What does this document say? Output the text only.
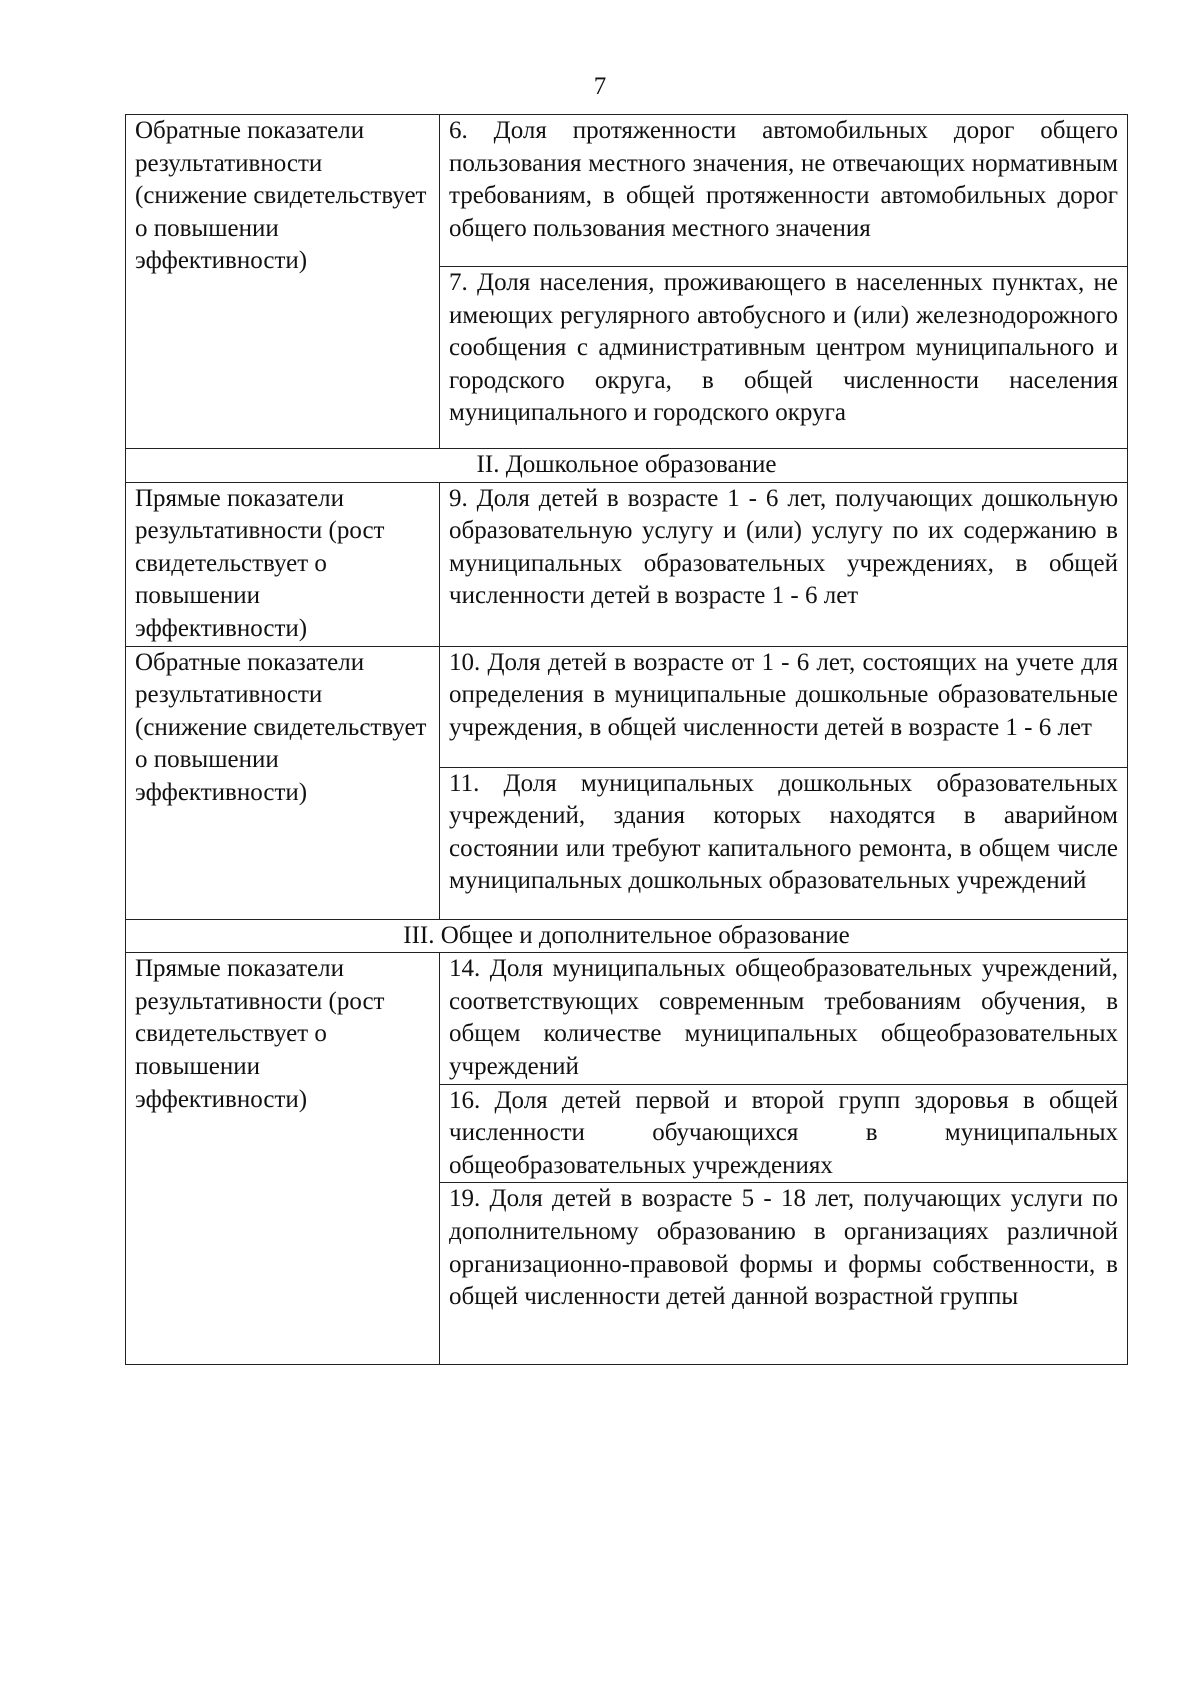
7
Обратные показатели результативности (снижение свидетельствует о повышении эффективности)	6. Доля протяженности автомобильных дорог общего пользования местного значения, не отвечающих нормативным требованиям, в общей протяженности автомобильных дорог общего пользования местного значения
	7. Доля населения, проживающего в населенных пунктах, не имеющих регулярного автобусного и (или) железнодорожного сообщения с административным центром муниципального и городского округа, в общей численности населения муниципального и городского округа
II. Дошкольное образование	
Прямые показатели результативности (рост свидетельствует о повышении эффективности)	9. Доля детей в возрасте 1 - 6 лет, получающих дошкольную образовательную услугу и (или) услугу по их содержанию в муниципальных образовательных учреждениях, в общей численности детей в возрасте 1 - 6 лет
Обратные показатели результативности (снижение свидетельствует о повышении эффективности)	10. Доля детей в возрасте от 1 - 6 лет, состоящих на учете для определения в муниципальные дошкольные образовательные учреждения, в общей численности детей в возрасте 1 - 6 лет
	11. Доля муниципальных дошкольных образовательных учреждений, здания которых находятся в аварийном состоянии или требуют капитального ремонта, в общем числе муниципальных дошкольных образовательных учреждений
III. Общее и дополнительное образование	
Прямые показатели результативности (рост свидетельствует о повышении эффективности)	14. Доля муниципальных общеобразовательных учреждений, соответствующих современным требованиям обучения, в общем количестве муниципальных общеобразовательных учреждений
	16. Доля детей первой и второй групп здоровья в общей численности обучающихся в муниципальных общеобразовательных учреждениях
	19. Доля детей в возрасте 5 - 18 лет, получающих услуги по дополнительному образованию в организациях различной организационно-правовой формы и формы собственности, в общей численности детей данной возрастной группы
